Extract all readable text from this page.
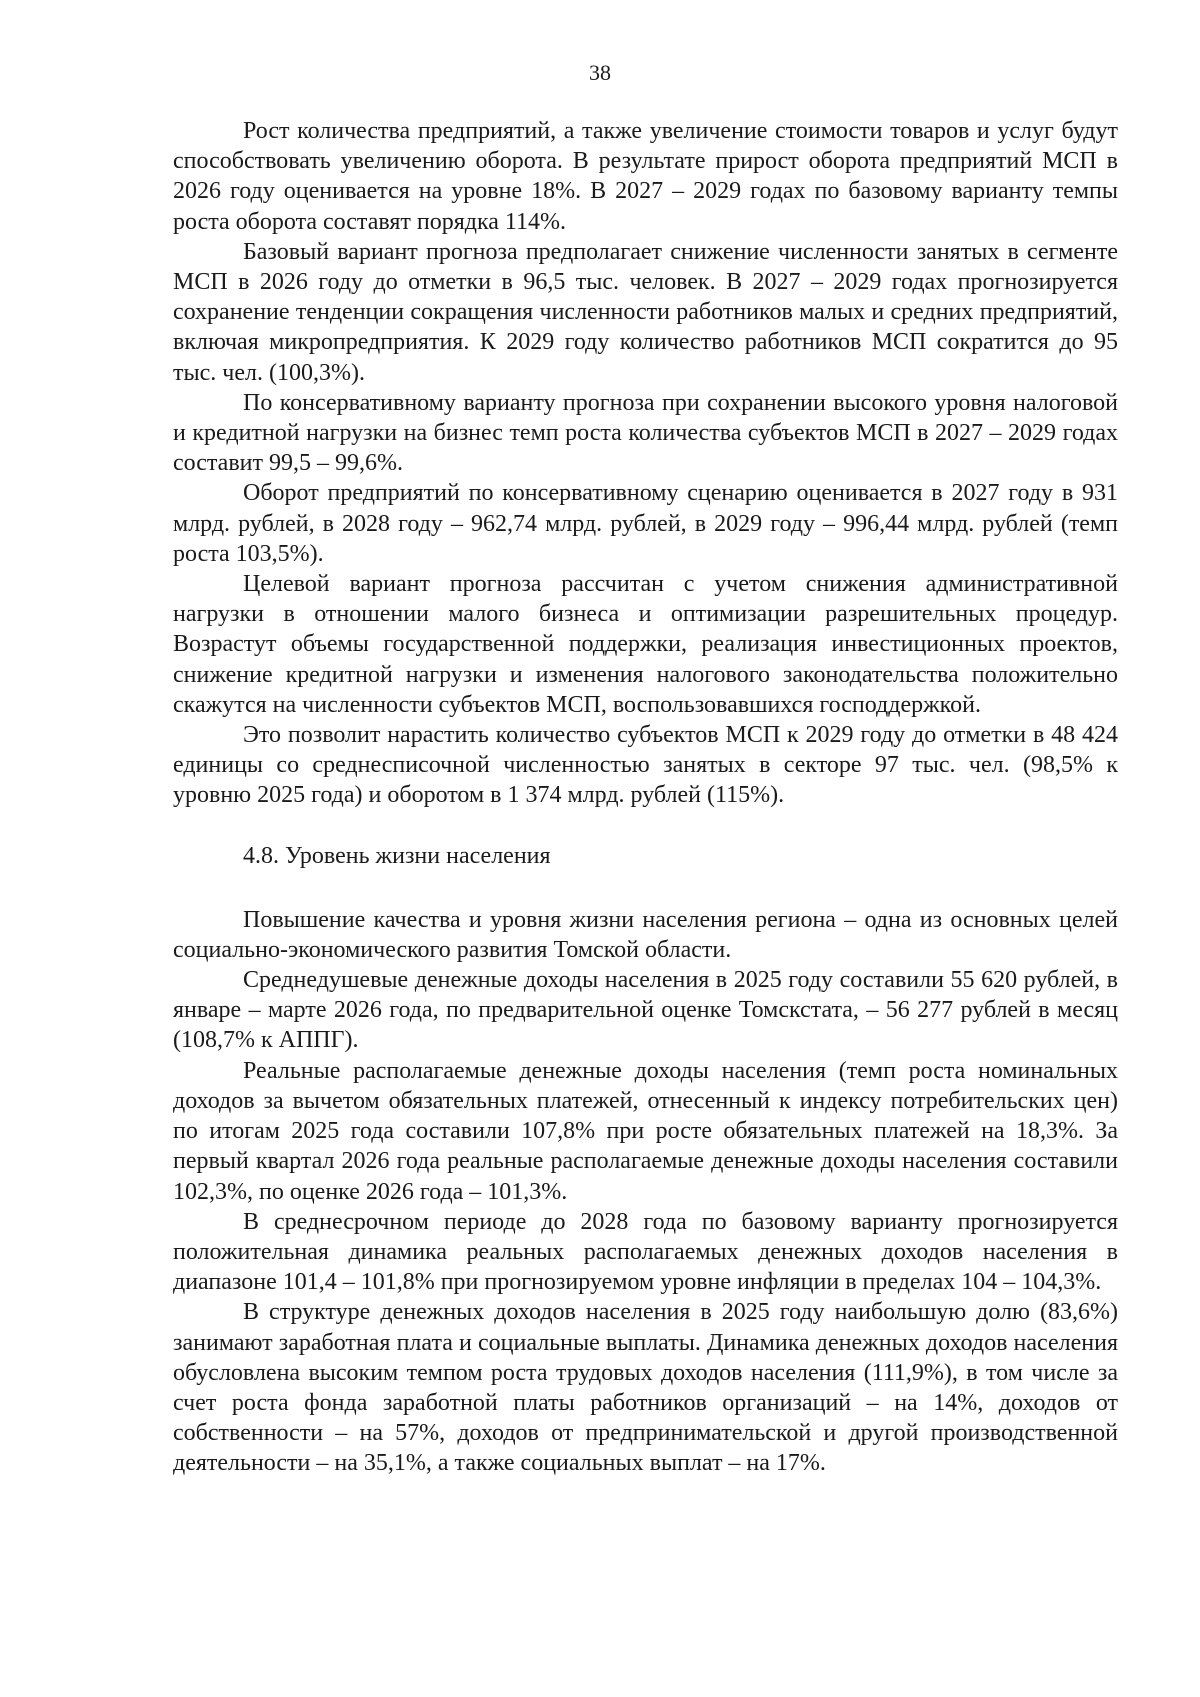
38

Рост количества предприятий, а также увеличение стоимости товаров и услуг будут способствовать увеличению оборота. В результате прирост оборота предприятий МСП в 2026 году оценивается на уровне 18%. В 2027 – 2029 годах по базовому варианту темпы роста оборота составят порядка 114%.

Базовый вариант прогноза предполагает снижение численности занятых в сегменте МСП в 2026 году до отметки в 96,5 тыс. человек. В 2027 – 2029 годах прогнозируется сохранение тенденции сокращения численности работников малых и средних предприятий, включая микропредприятия. К 2029 году количество работников МСП сократится до 95 тыс. чел. (100,3%).

По консервативному варианту прогноза при сохранении высокого уровня налоговой и кредитной нагрузки на бизнес темп роста количества субъектов МСП в 2027 – 2029 годах составит 99,5 – 99,6%.

Оборот предприятий по консервативному сценарию оценивается в 2027 году в 931 млрд. рублей, в 2028 году – 962,74 млрд. рублей, в 2029 году – 996,44 млрд. рублей (темп роста 103,5%).

Целевой вариант прогноза рассчитан с учетом снижения административной нагрузки в отношении малого бизнеса и оптимизации разрешительных процедур. Возрастут объемы государственной поддержки, реализация инвестиционных проектов, снижение кредитной нагрузки и изменения налогового законодательства положительно скажутся на численности субъектов МСП, воспользовавшихся господдержкой.

Это позволит нарастить количество субъектов МСП к 2029 году до отметки в 48 424 единицы со среднесписочной численностью занятых в секторе 97 тыс. чел. (98,5% к уровню 2025 года) и оборотом в 1 374 млрд. рублей (115%).

4.8. Уровень жизни населения

Повышение качества и уровня жизни населения региона – одна из основных целей социально-экономического развития Томской области.

Среднедушевые денежные доходы населения в 2025 году составили 55 620 рублей, в январе – марте 2026 года, по предварительной оценке Томскстата, – 56 277 рублей в месяц (108,7% к АППГ).

Реальные располагаемые денежные доходы населения (темп роста номинальных доходов за вычетом обязательных платежей, отнесенный к индексу потребительских цен) по итогам 2025 года составили 107,8% при росте обязательных платежей на 18,3%. За первый квартал 2026 года реальные располагаемые денежные доходы населения составили 102,3%, по оценке 2026 года – 101,3%.

В среднесрочном периоде до 2028 года по базовому варианту прогнозируется положительная динамика реальных располагаемых денежных доходов населения в диапазоне 101,4 – 101,8% при прогнозируемом уровне инфляции в пределах 104 – 104,3%.

В структуре денежных доходов населения в 2025 году наибольшую долю (83,6%) занимают заработная плата и социальные выплаты. Динамика денежных доходов населения обусловлена высоким темпом роста трудовых доходов населения (111,9%), в том числе за счет роста фонда заработной платы работников организаций – на 14%, доходов от собственности – на 57%, доходов от предпринимательской и другой производственной деятельности – на 35,1%, а также социальных выплат – на 17%.
